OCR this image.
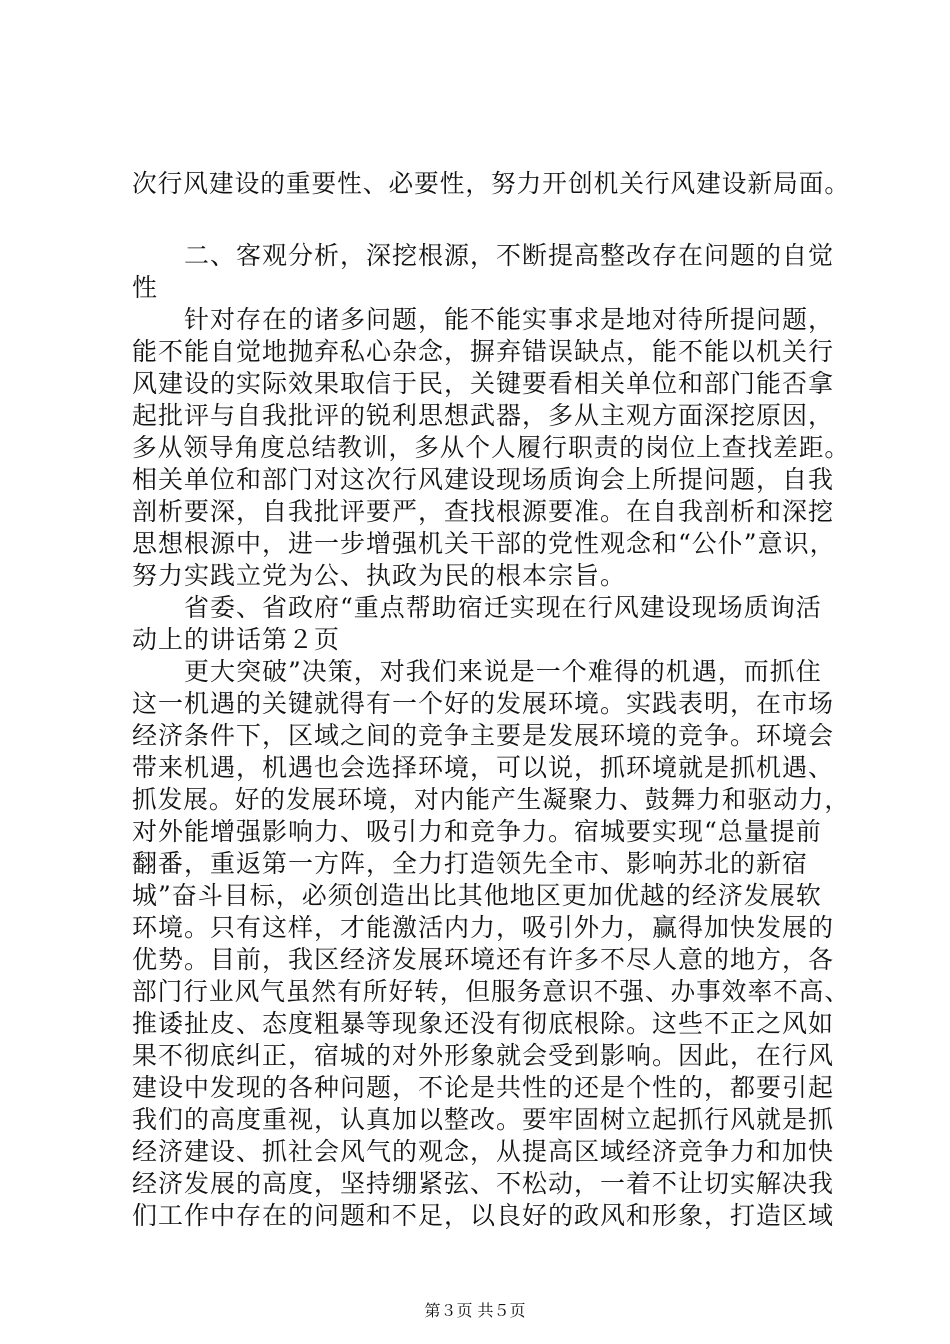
次行风建设的重要性、必要性，努力开创机关行风建设新局面。
　　二、客观分析，深挖根源，不断提高整改存在问题的自觉
性
　　针对存在的诸多问题，能不能实事求是地对待所提问题，
能不能自觉地抛弃私心杂念，摒弃错误缺点，能不能以机关行
风建设的实际效果取信于民，关键要看相关单位和部门能否拿
起批评与自我批评的锐利思想武器，多从主观方面深挖原因，
多从领导角度总结教训，多从个人履行职责的岗位上查找差距。
相关单位和部门对这次行风建设现场质询会上所提问题，自我
剖析要深，自我批评要严，查找根源要准。在自我剖析和深挖
思想根源中，进一步增强机关干部的党性观念和“公仆”意识，
努力实践立党为公、执政为民的根本宗旨。
　　省委、省政府“重点帮助宿迁实现在行风建设现场质询活
动上的讲话第２页
　　更大突破”决策，对我们来说是一个难得的机遇，而抓住
这一机遇的关键就得有一个好的发展环境。实践表明，在市场
经济条件下，区域之间的竞争主要是发展环境的竞争。环境会
带来机遇，机遇也会选择环境，可以说，抓环境就是抓机遇、
抓发展。好的发展环境，对内能产生凝聚力、鼓舞力和驱动力，
对外能增强影响力、吸引力和竞争力。宿城要实现“总量提前
翻番，重返第一方阵，全力打造领先全市、影响苏北的新宿
城”奋斗目标，必须创造出比其他地区更加优越的经济发展软
环境。只有这样，才能激活内力，吸引外力，赢得加快发展的
优势。目前，我区经济发展环境还有许多不尽人意的地方，各
部门行业风气虽然有所好转，但服务意识不强、办事效率不高、
推诿扯皮、态度粗暴等现象还没有彻底根除。这些不正之风如
果不彻底纠正，宿城的对外形象就会受到影响。因此，在行风
建设中发现的各种问题，不论是共性的还是个性的，都要引起
我们的高度重视，认真加以整改。要牢固树立起抓行风就是抓
经济建设、抓社会风气的观念，从提高区域经济竞争力和加快
经济发展的高度，坚持绷紧弦、不松动，一着不让切实解决我
们工作中存在的问题和不足，以良好的政风和形象，打造区域
第３页 共５页
